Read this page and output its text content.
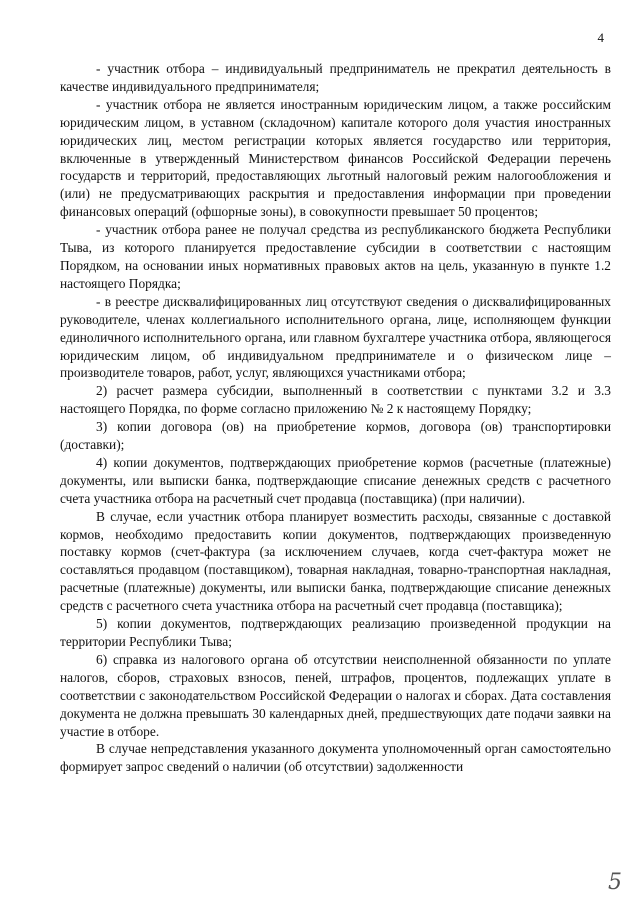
4

- участник отбора – индивидуальный предприниматель не прекратил деятельность в качестве индивидуального предпринимателя;

- участник отбора не является иностранным юридическим лицом, а также российским юридическим лицом, в уставном (складочном) капитале которого доля участия иностранных юридических лиц, местом регистрации которых является государство или территория, включенные в утвержденный Министерством финансов Российской Федерации перечень государств и территорий, предоставляющих льготный налоговый режим налогообложения и (или) не предусматривающих раскрытия и предоставления информации при проведении финансовых операций (офшорные зоны), в совокупности превышает 50 процентов;

- участник отбора ранее не получал средства из республиканского бюджета Республики Тыва, из которого планируется предоставление субсидии в соответствии с настоящим Порядком, на основании иных нормативных правовых актов на цель, указанную в пункте 1.2 настоящего Порядка;

- в реестре дисквалифицированных лиц отсутствуют сведения о дисквалифицированных руководителе, членах коллегиального исполнительного органа, лице, исполняющем функции единоличного исполнительного органа, или главном бухгалтере участника отбора, являющегося юридическим лицом, об индивидуальном предпринимателе и о физическом лице – производителе товаров, работ, услуг, являющихся участниками отбора;

2) расчет размера субсидии, выполненный в соответствии с пунктами 3.2 и 3.3 настоящего Порядка, по форме согласно приложению № 2 к настоящему Порядку;

3) копии договора (ов) на приобретение кормов, договора (ов) транспортировки (доставки);

4) копии документов, подтверждающих приобретение кормов (расчетные (платежные) документы, или выписки банка, подтверждающие списание денежных средств с расчетного счета участника отбора на расчетный счет продавца (поставщика) (при наличии).

В случае, если участник отбора планирует возместить расходы, связанные с доставкой кормов, необходимо предоставить копии документов, подтверждающих произведенную поставку кормов (счет-фактура (за исключением случаев, когда счет-фактура может не составляться продавцом (поставщиком), товарная накладная, товарно-транспортная накладная, расчетные (платежные) документы, или выписки банка, подтверждающие списание денежных средств с расчетного счета участника отбора на расчетный счет продавца (поставщика);

5) копии документов, подтверждающих реализацию произведенной продукции на территории Республики Тыва;

6) справка из налогового органа об отсутствии неисполненной обязанности по уплате налогов, сборов, страховых взносов, пеней, штрафов, процентов, подлежащих уплате в соответствии с законодательством Российской Федерации о налогах и сборах. Дата составления документа не должна превышать 30 календарных дней, предшествующих дате подачи заявки на участие в отборе.

В случае непредставления указанного документа уполномоченный орган самостоятельно формирует запрос сведений о наличии (об отсутствии) задолженности

5
